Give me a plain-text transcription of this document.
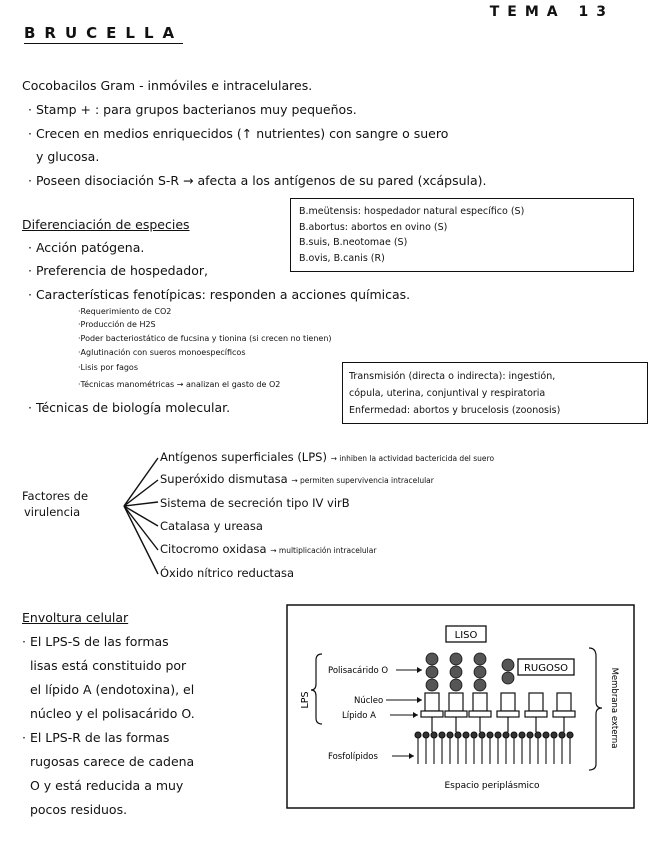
TEMA 13
BRUCELLA
Cocobacilos Gram - inmóviles e intracelulares.
· Stamp + : para grupos bacterianos muy pequeños.
· Crecen en medios enriquecidos (↑ nutrientes) con sangre o suero
y glucosa.
· Poseen disociación S-R → afecta a los antígenos de su pared (xcápsula).
B.meütensis: hospedador natural específico (S)
B.abortus: abortos en ovino (S)
B.suis, B.neotomae (S)
B.ovis, B.canis (R)
Diferenciación de especies
· Acción patógena.
· Preferencia de hospedador,
· Características fenotípicas: responden a acciones químicas.
·Requerimiento de CO2
·Producción de H2S
·Poder bacteriostático de fucsina y tionina (si crecen no tienen)
·Aglutinación con sueros monoespecíficos
·Lisis por fagos
·Técnicas manométricas → analizan el gasto de O2
· Técnicas de biología molecular.
Transmisión (directa o indirecta): ingestión,
cópula, uterina, conjuntival y respiratoria
Enfermedad: abortos y brucelosis (zoonosis)
Factores de
virulencia
Antígenos superficiales (LPS) → inhiben la actividad bactericida del suero
Superóxido dismutasa → permiten supervivencia intracelular
Sistema de secreción tipo IV virB
Catalasa y ureasa
Citocromo oxidasa → multiplicación intracelular
Óxido nítrico reductasa
Envoltura celular
· El LPS-S de las formas
lisas está constituido por
el lípido A (endotoxina), el
núcleo y el polisacárido O.
· El LPS-R de las formas
rugosas carece de cadena
O y está reducida a muy
pocos residuos.
LISO
RUGOSO
Polisacárido O
Núcleo
Lípido A
Fosfolípidos
LPS	Membrana externa
Espacio periplásmico
